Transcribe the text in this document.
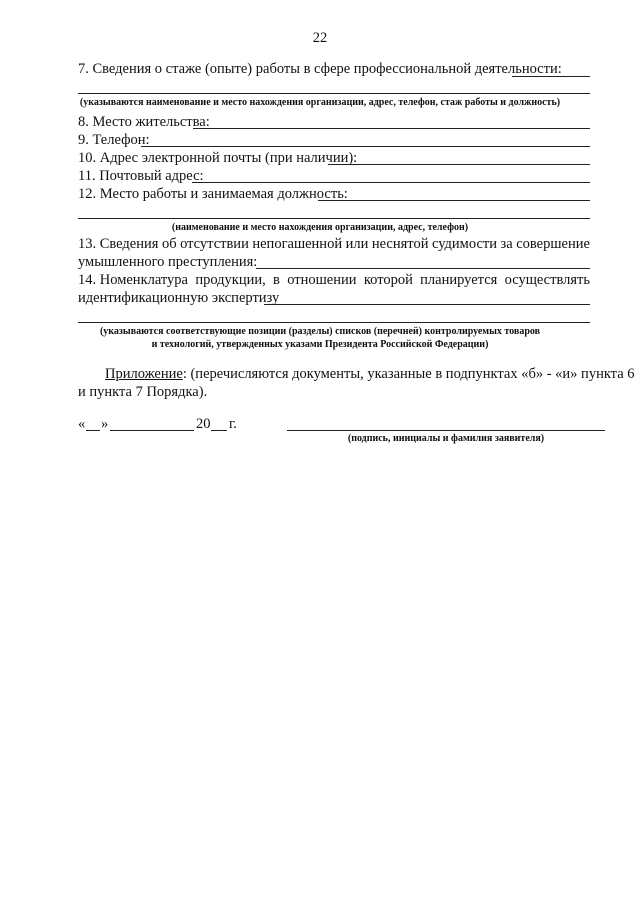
22
7. Сведения о стаже (опыте) работы в сфере профессиональной деятельности:
(указываются наименование и место нахождения организации, адрес, телефон, стаж работы и должность)
8. Место жительства:
9. Телефон:
10. Адрес электронной почты (при наличии):
11. Почтовый адрес:
12. Место работы и занимаемая должность:
(наименование и место нахождения организации, адрес, телефон)
13. Сведения об отсутствии непогашенной или неснятой судимости за совершение
умышленного преступления:
14. Номенклатура продукции, в отношении которой планируется осуществлять
идентификационную экспертизу
(указываются соответствующие позиции (разделы) списков (перечней) контролируемых товаров
и технологий, утвержденных указами Президента Российской Федерации)
Приложение: (перечисляются документы, указанные в подпунктах «б» - «и» пункта 6
и пункта 7 Порядка).
« »	20 г.
(подпись, инициалы и фамилия заявителя)
